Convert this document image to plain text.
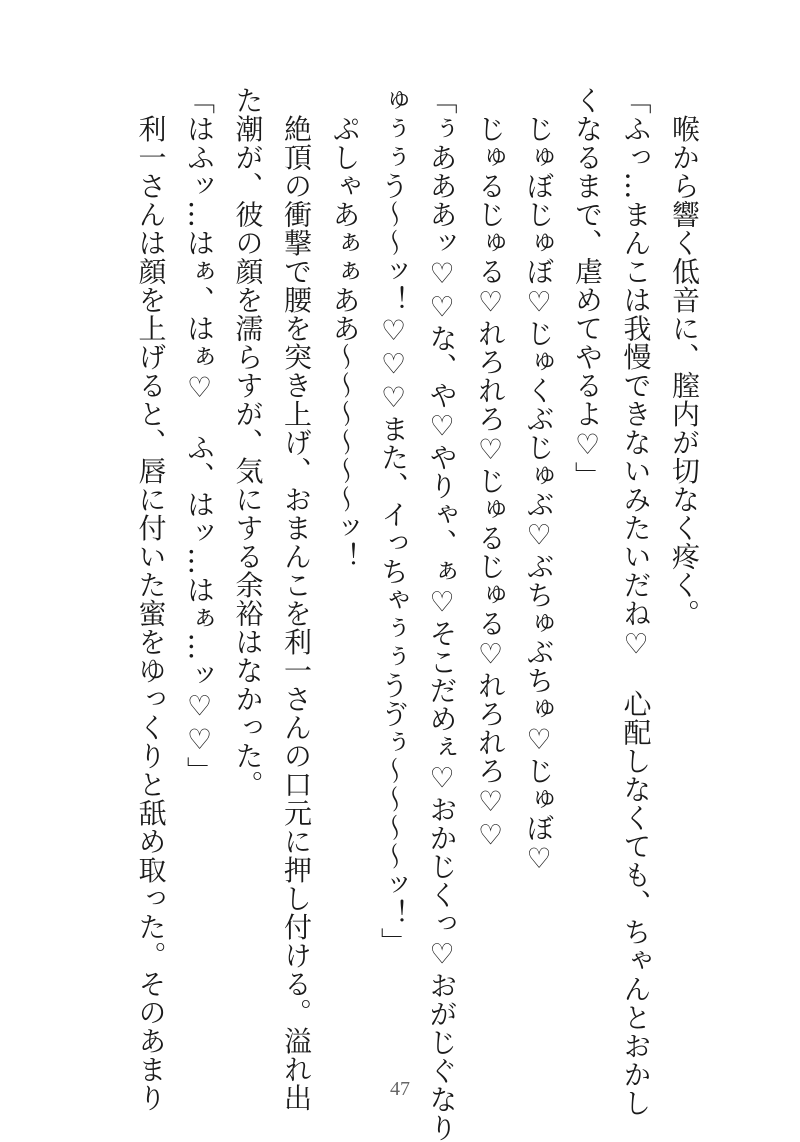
　喉から響く低音に、膣内が切なく疼く。

「ふっ…まんこは我慢できないみたいだね♡　心配しなくても、ちゃんとおかし

くなるまで、虐めてやるよ♡」

　じゅぼじゅぼ♡じゅくぶじゅぶ♡ぶちゅぶちゅ♡じゅぼ♡

　じゅるじゅる♡れろれろ♡じゅるじゅる♡れろれろ♡♡

「ぅあああッ♡♡な、や♡やりゃ、ぁ♡そこだめぇ♡おかじくっ♡おがじぐなり

ゅぅぅう〜〜ッ！♡♡♡また、イっちゃぅぅうゔぅ〜〜〜〜ッ！」

　ぷしゃあぁぁああ〜〜〜〜〜〜ッ！

　絶頂の衝撃で腰を突き上げ、おまんこを利一さんの口元に押し付ける。溢れ出

た潮が、彼の顔を濡らすが、気にする余裕はなかった。

「はふッ…はぁ、はぁ♡　ふ、はッ…はぁ…ッ♡♡」

　利一さんは顔を上げると、唇に付いた蜜をゆっくりと舐め取った。そのあまり	47
